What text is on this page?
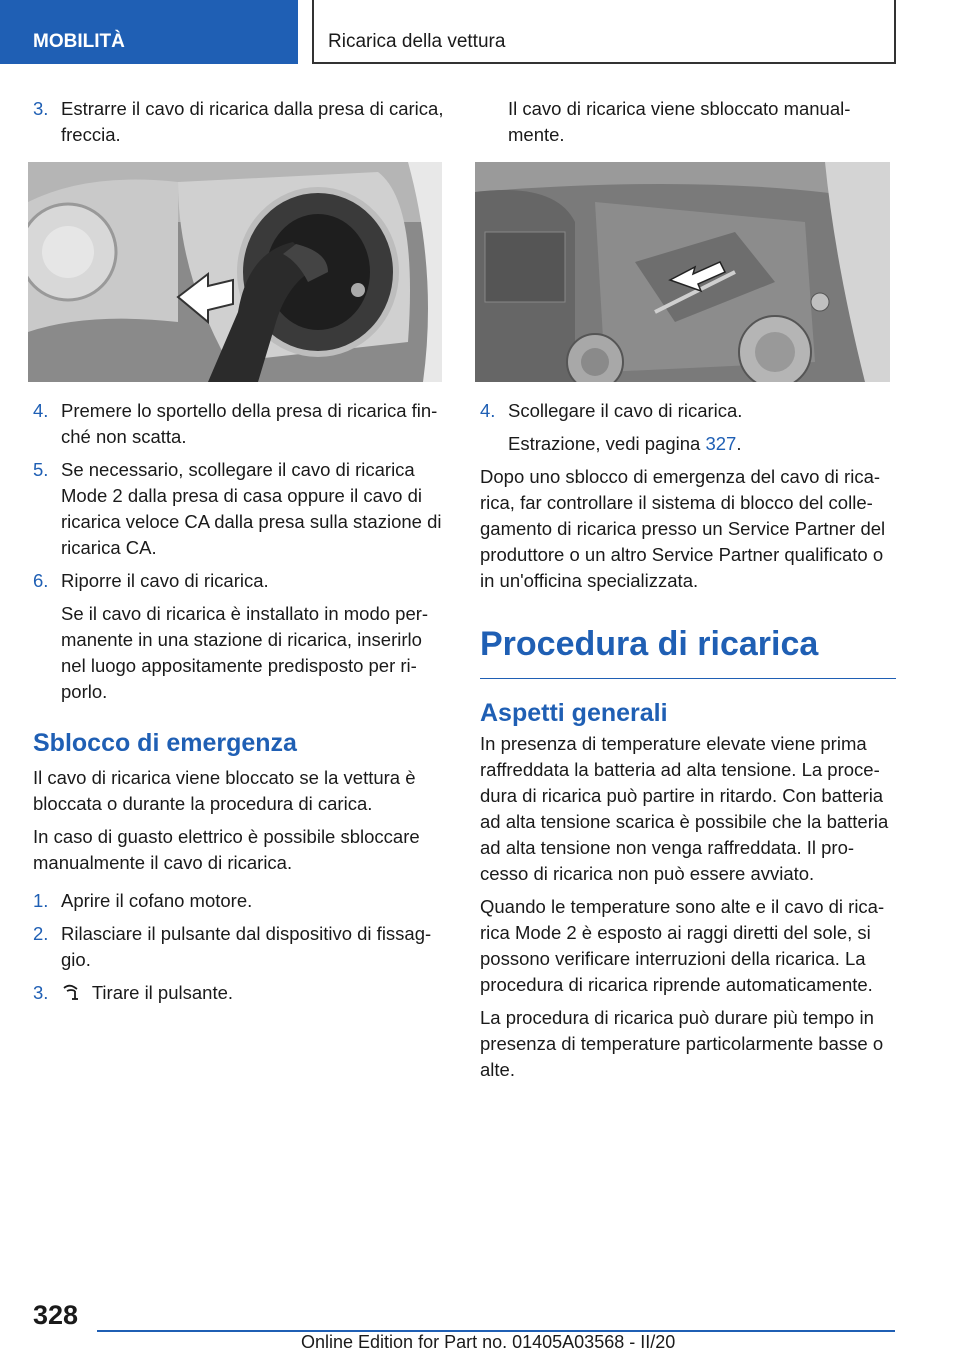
MOBILITÀ	Ricarica della vettura
3. Estrarre il cavo di ricarica dalla presa di carica, freccia.
4. Premere lo sportello della presa di ricarica finché non scatta.
5. Se necessario, scollegare il cavo di ricarica Mode 2 dalla presa di casa oppure il cavo di ricarica veloce CA dalla presa sulla stazione di ricarica CA.
6. Riporre il cavo di ricarica.
Se il cavo di ricarica è installato in modo permanente in una stazione di ricarica, inserirlo nel luogo appositamente predisposto per riporlo.
Sblocco di emergenza

Il cavo di ricarica viene bloccato se la vettura è bloccata o durante la procedura di carica.

In caso di guasto elettrico è possibile sbloccare manualmente il cavo di ricarica.

1. Aprire il cofano motore.
2. Rilasciare il pulsante dal dispositivo di fissaggio.
3. Tirare il pulsante.

Il cavo di ricarica viene sbloccato manualmente.

4. Scollegare il cavo di ricarica.
Estrazione, vedi pagina 327.

Dopo uno sblocco di emergenza del cavo di ricarica, far controllare il sistema di blocco del collegamento di ricarica presso un Service Partner del produttore o un altro Service Partner qualificato o in un'officina specializzata.

Procedura di ricarica
Aspetti generali

In presenza di temperature elevate viene prima raffreddata la batteria ad alta tensione. La procedura di ricarica può partire in ritardo. Con batteria ad alta tensione scarica è possibile che la batteria ad alta tensione non venga raffreddata. Il processo di ricarica non può essere avviato.

Quando le temperature sono alte e il cavo di ricarica Mode 2 è esposto ai raggi diretti del sole, si possono verificare interruzioni della ricarica. La procedura di ricarica riprende automaticamente.

La procedura di ricarica può durare più tempo in presenza di temperature particolarmente basse o alte.

328
Online Edition for Part no. 01405A03568 - II/20
